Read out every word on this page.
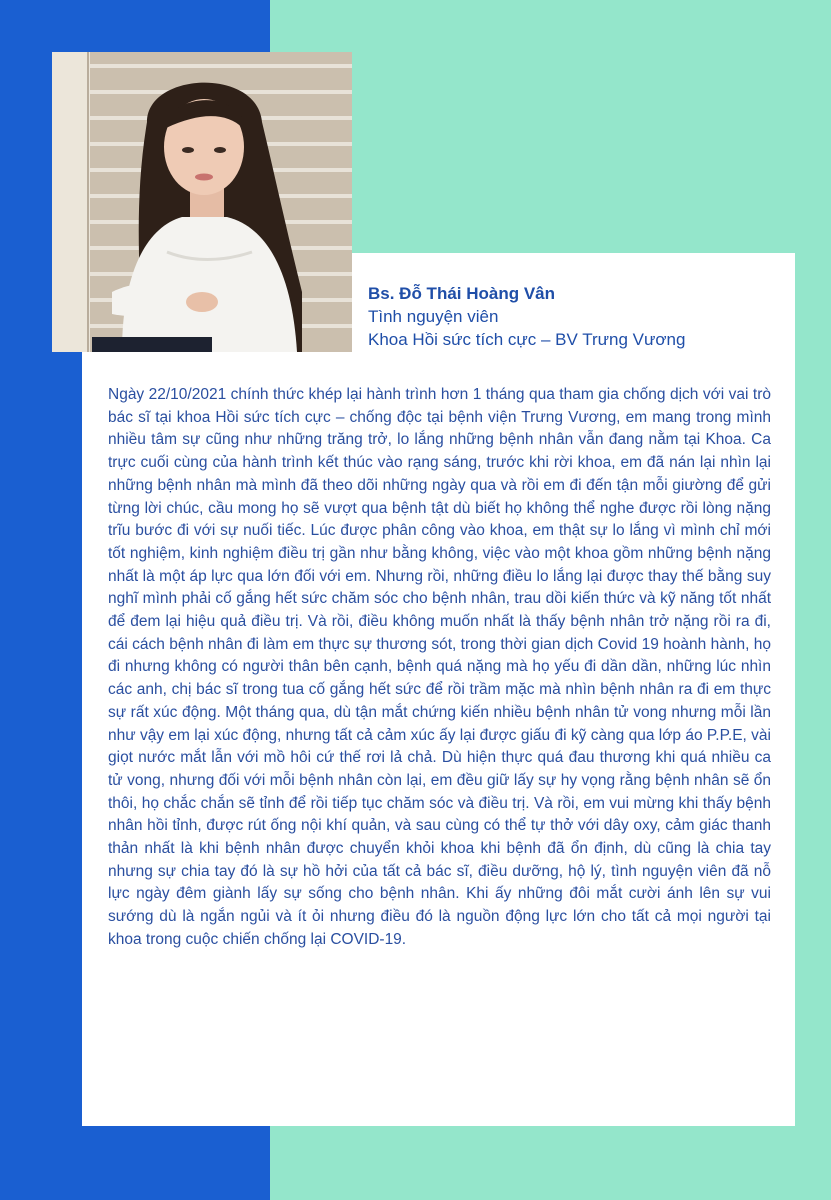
Bs. Đỗ Thái Hoàng Vân
Tình nguyện viên
Khoa Hồi sức tích cực – BV Trưng Vương

Ngày 22/10/2021 chính thức khép lại hành trình hơn 1 tháng qua tham gia chống dịch với vai trò bác sĩ tại khoa Hồi sức tích cực – chống độc tại bệnh viện Trưng Vương, em mang trong mình nhiều tâm sự cũng như những trăng trở, lo lắng những bệnh nhân vẫn đang nằm tại Khoa. Ca trực cuối cùng của hành trình kết thúc vào rạng sáng, trước khi rời khoa, em đã nán lại nhìn lại những bệnh nhân mà mình đã theo dõi những ngày qua và rồi em đi đến tận mỗi giường để gửi từng lời chúc, cầu mong họ sẽ vượt qua bệnh tật dù biết họ không thể nghe được rồi lòng nặng trĩu bước đi với sự nuối tiếc. Lúc được phân công vào khoa, em thật sự lo lắng vì mình chỉ mới tốt nghiệm, kinh nghiệm điều trị gần như bằng không, việc vào một khoa gồm những bệnh nặng nhất là một áp lực qua lớn đối với em. Nhưng rồi, những điều lo lắng lại được thay thế bằng suy nghĩ mình phải cố gắng hết sức chăm sóc cho bệnh nhân, trau dồi kiến thức và kỹ năng tốt nhất để đem lại hiệu quả điều trị. Và rồi, điều không muốn nhất là thấy bệnh nhân trở nặng rồi ra đi, cái cách bệnh nhân đi làm em thực sự thương sót, trong thời gian dịch Covid 19 hoành hành, họ đi nhưng không có người thân bên cạnh, bệnh quá nặng mà họ yếu đi dần dần, những lúc nhìn các anh, chị bác sĩ trong tua cố gắng hết sức để rồi trầm mặc mà nhìn bệnh nhân ra đi em thực sự rất xúc động. Một tháng qua, dù tận mắt chứng kiến nhiều bệnh nhân tử vong nhưng mỗi lần như vậy em lại xúc động, nhưng tất cả cảm xúc ấy lại được giấu đi kỹ càng qua lớp áo P.P.E, vài giọt nước mắt lẫn với mồ hôi cứ thế rơi lả chả. Dù hiện thực quá đau thương khi quá nhiều ca tử vong, nhưng đối với mỗi bệnh nhân còn lại, em đều giữ lấy sự hy vọng rằng bệnh nhân sẽ ổn thôi, họ chắc chắn sẽ tỉnh để rồi tiếp tục chăm sóc và điều trị. Và rồi, em vui mừng khi thấy bệnh nhân hồi tỉnh, được rút ống nội khí quản, và sau cùng có thể tự thở với dây oxy, cảm giác thanh thản nhất là khi bệnh nhân được chuyển khỏi khoa khi bệnh đã ổn định, dù cũng là chia tay nhưng sự chia tay đó là sự hồ hởi của tất cả bác sĩ, điều dưỡng, hộ lý, tình nguyện viên đã nỗ lực ngày đêm giành lấy sự sống cho bệnh nhân. Khi ấy những đôi mắt cười ánh lên sự vui sướng dù là ngắn ngủi và ít ỏi nhưng điều đó là nguồn động lực lớn cho tất cả mọi người tại khoa trong cuộc chiến chống lại COVID-19.
